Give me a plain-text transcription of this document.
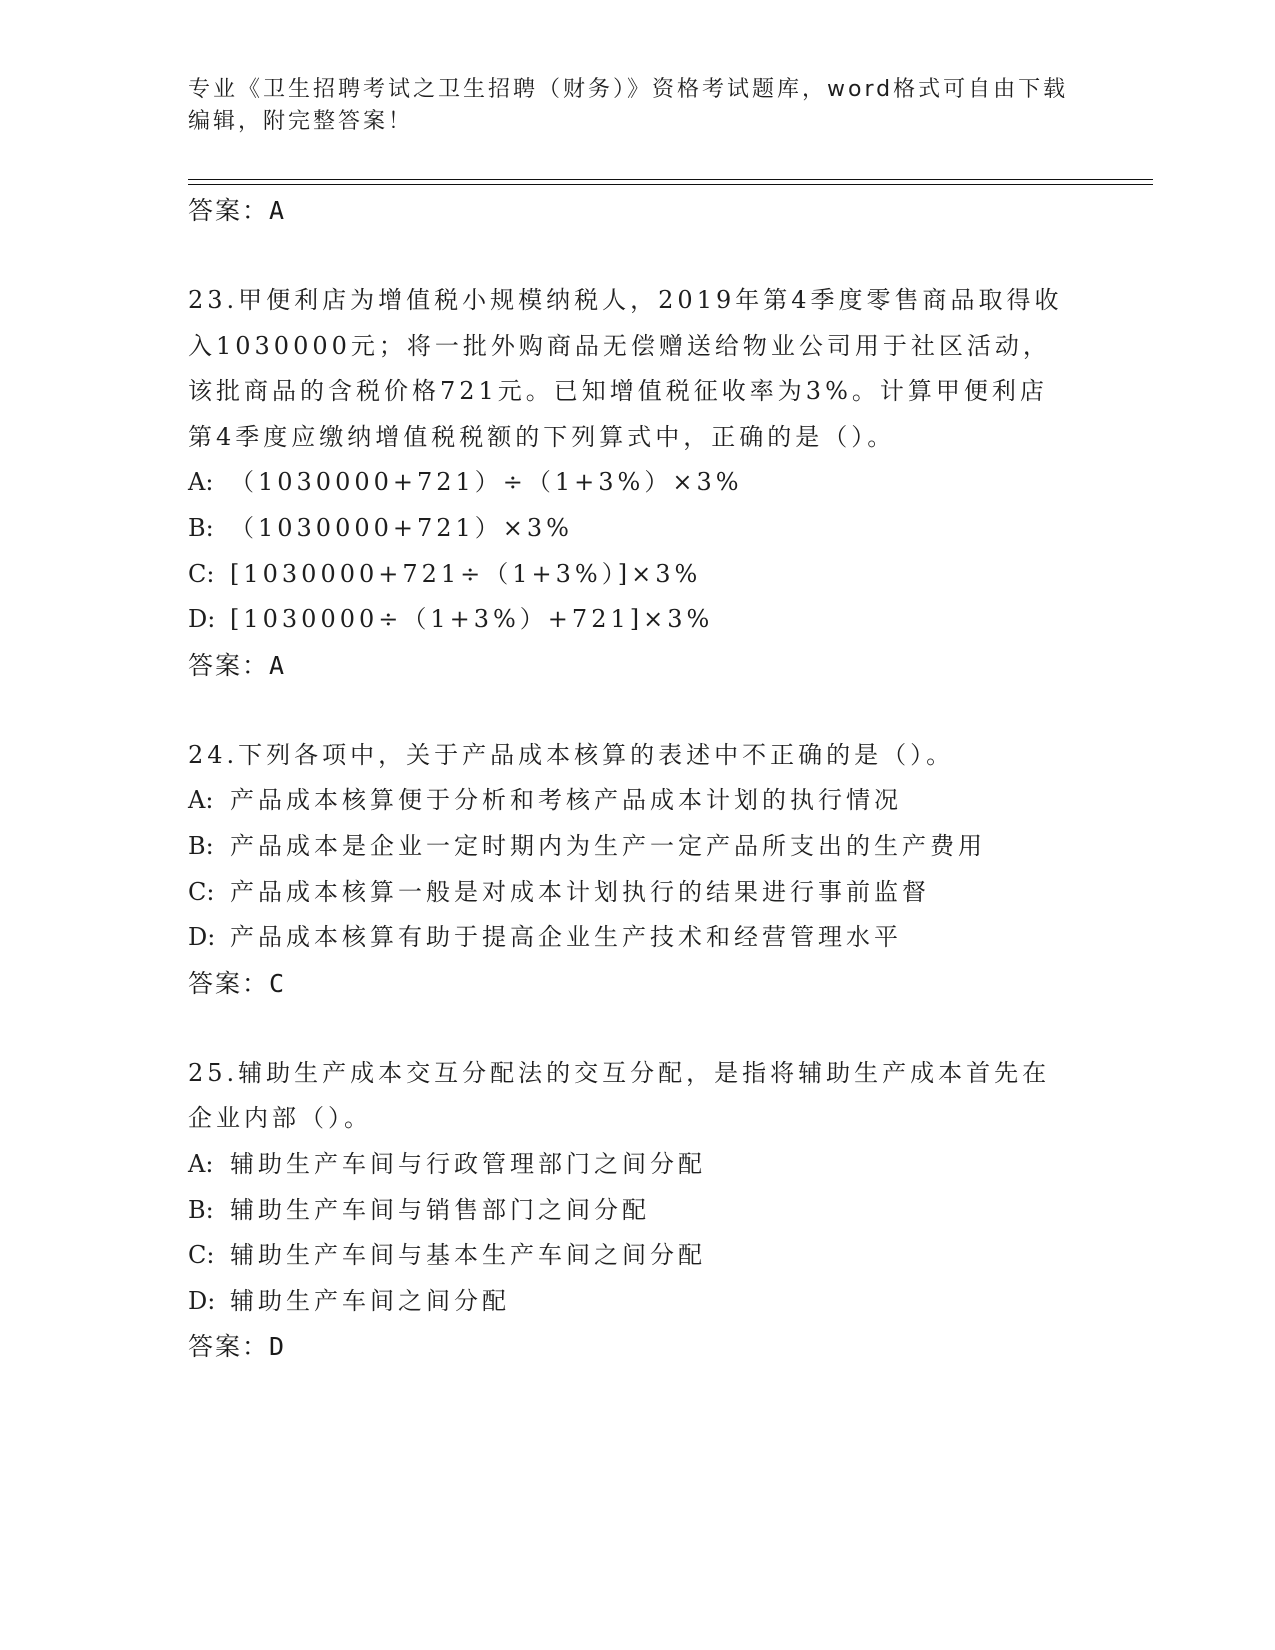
专业《卫生招聘考试之卫生招聘（财务）》资格考试题库，word格式可自由下载
编辑，附完整答案！
答案：A
23.甲便利店为增值税小规模纳税人，2019年第4季度零售商品取得收
入1030000元；将一批外购商品无偿赠送给物业公司用于社区活动，
该批商品的含税价格721元。已知增值税征收率为3%。计算甲便利店
第4季度应缴纳增值税税额的下列算式中，正确的是（）。
A: （1030000+721）÷（1+3%）×3%
B: （1030000+721）×3%
C: [1030000+721÷（1+3%）]×3%
D: [1030000÷（1+3%）+721]×3%
答案：A
24.下列各项中，关于产品成本核算的表述中不正确的是（）。
A: 产品成本核算便于分析和考核产品成本计划的执行情况
B: 产品成本是企业一定时期内为生产一定产品所支出的生产费用
C: 产品成本核算一般是对成本计划执行的结果进行事前监督
D: 产品成本核算有助于提高企业生产技术和经营管理水平
答案：C
25.辅助生产成本交互分配法的交互分配，是指将辅助生产成本首先在
企业内部（）。
A: 辅助生产车间与行政管理部门之间分配
B: 辅助生产车间与销售部门之间分配
C: 辅助生产车间与基本生产车间之间分配
D: 辅助生产车间之间分配
答案：D
